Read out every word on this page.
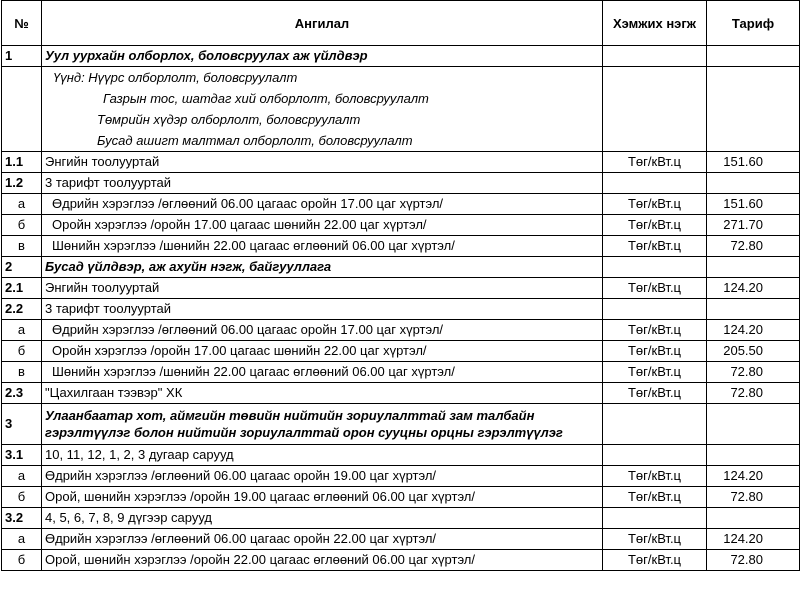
№	Ангилал	Хэмжих нэгж	Тариф
1	Уул уурхайн олборлох, боловсруулах аж үйлдвэр		

	Үүнд: Нүүрс олборлолт, боловсруулалт
Газрын тос, шатдаг хий олборлолт, боловсруулалт
Төмрийн хүдэр олборлолт, боловсруулалт
Бусад ашигт малтмал олборлолт, боловсруулалт		

1.1	Энгийн тоолууртай	Төг/кВт.ц	151.60
1.2	3 тарифт тоолууртай		
а	Өдрийн хэрэглээ /өглөөний 06.00 цагаас оройн 17.00 цаг хүртэл/	Төг/кВт.ц	151.60
б	Оройн хэрэглээ /оройн 17.00 цагаас шөнийн 22.00 цаг хүртэл/	Төг/кВт.ц	271.70
в	Шөнийн хэрэглээ /шөнийн 22.00 цагаас өглөөний 06.00 цаг хүртэл/	Төг/кВт.ц	72.80
2	Бусад үйлдвэр, аж ахуйн нэгж, байгууллага		
2.1	Энгийн тоолууртай	Төг/кВт.ц	124.20
2.2	3 тарифт тоолууртай		
а	Өдрийн хэрэглээ /өглөөний 06.00 цагаас оройн 17.00 цаг хүртэл/	Төг/кВт.ц	124.20
б	Оройн хэрэглээ /оройн 17.00 цагаас шөнийн 22.00 цаг хүртэл/	Төг/кВт.ц	205.50
в	Шөнийн хэрэглээ /шөнийн 22.00 цагаас өглөөний 06.00 цаг хүртэл/	Төг/кВт.ц	72.80
2.3	"Цахилгаан тээвэр" ХК	Төг/кВт.ц	72.80
3	Улаанбаатар хот, аймгийн төвийн нийтийн зориулалттай зам талбайн гэрэлтүүлэг болон нийтийн зориулалттай орон сууцны орцны гэрэлтүүлэг		
3.1	10, 11, 12, 1, 2, 3 дугаар сарууд		
а	Өдрийн хэрэглээ /өглөөний 06.00 цагаас оройн 19.00 цаг хүртэл/	Төг/кВт.ц	124.20
б	Орой, шөнийн хэрэглээ /оройн 19.00 цагаас өглөөний 06.00 цаг хүртэл/	Төг/кВт.ц	72.80
3.2	4, 5, 6, 7, 8, 9 дүгээр сарууд		
а	Өдрийн хэрэглээ /өглөөний 06.00 цагаас оройн 22.00 цаг хүртэл/	Төг/кВт.ц	124.20
б	Орой, шөнийн хэрэглээ /оройн 22.00 цагаас өглөөний 06.00 цаг хүртэл/	Төг/кВт.ц	72.80
